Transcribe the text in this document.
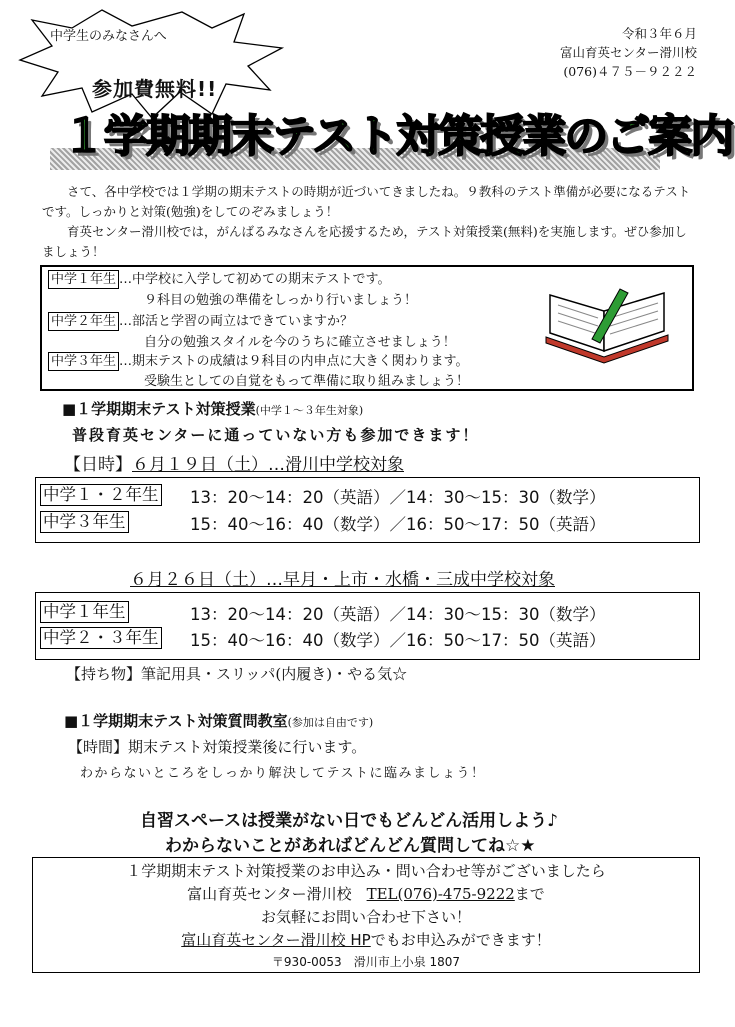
中学生のみなさんへ
参加費無料!!
令和３年６月
富山育英センター滑川校
(076)４７５－９２２２
１学期期末テスト対策授業のご案内

さて、各中学校では１学期の期末テストの時期が近づいてきましたね。９教科のテスト準備が必要になるテストです。しっかりと対策(勉強)をしてのぞみましょう！

育英センター滑川校では，がんばるみなさんを応援するため，テスト対策授業(無料)を実施します。ぜひ参加しましょう！

中学１年生 …中学校に入学して初めての期末テストです。
９科目の勉強の準備をしっかり行いましょう！
中学２年生 …部活と学習の両立はできていますか？
自分の勉強スタイルを今のうちに確立させましょう！
中学３年生 …期末テストの成績は９科目の内申点に大きく関わります。
受験生としての自覚をもって準備に取り組みましょう！
■１学期期末テスト対策授業(中学１～３年生対象)
普段育英センターに通っていない方も参加できます！
【日時】６月１９日（土）…滑川中学校対象
中学１・２年生 13：20～14：20（英語）／14：30～15：30（数学）
中学３年生	15：40～16：40（数学）／16：50～17：50（英語）
６月２６日（土）…早月・上市・水橋・三成中学校対象
中学１年生	13：20～14：20（英語）／14：30～15：30（数学）
中学２・３年生 15：40～16：40（数学）／16：50～17：50（英語）
【持ち物】筆記用具・スリッパ(内履き)・やる気☆
■１学期期末テスト対策質問教室(参加は自由です)
【時間】期末テスト対策授業後に行います。
わからないところをしっかり解決してテストに臨みましょう！
自習スペースは授業がない日でもどんどん活用しよう♪
わからないことがあればどんどん質問してね☆★
１学期期末テスト対策授業のお申込み・問い合わせ等がございましたら
富山育英センター滑川校　 TEL(076)-475-9222まで
お気軽にお問い合わせ下さい！
富山育英センター滑川校 HPでもお申込みができます！
〒930-0053　滑川市上小泉 1807
